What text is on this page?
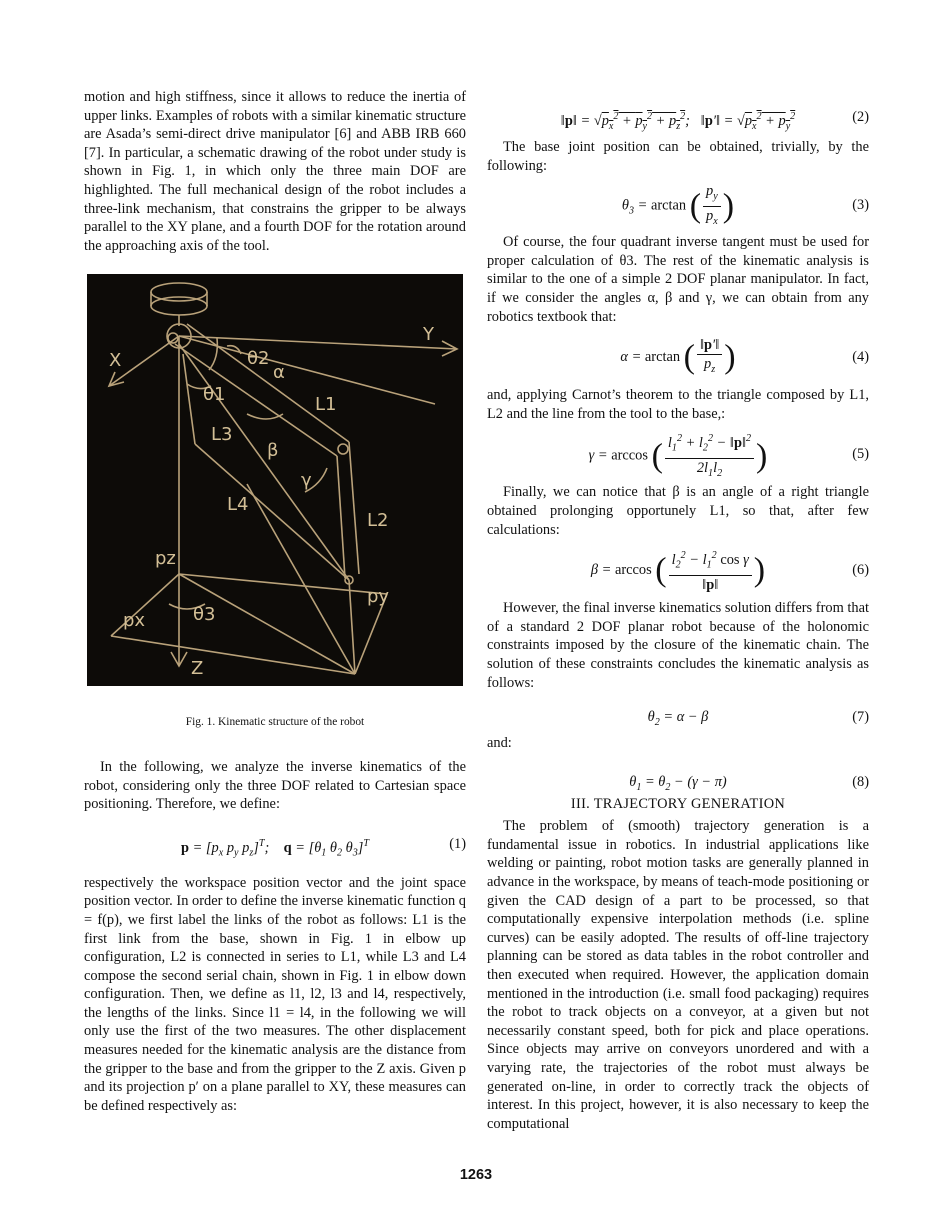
motion and high stiffness, since it allows to reduce the inertia of upper links. Examples of robots with a similar kinematic structure are Asada’s semi-direct drive manipulator [6] and ABB IRB 660 [7]. In particular, a schematic drawing of the robot under study is shown in Fig. 1, in which only the three main DOF are highlighted. The full mechanical design of the robot includes a three-link mechanism, that constrains the gripper to be always parallel to the XY plane, and a fourth DOF for the rotation around the approaching axis of the tool.

Y
X
Z
θ2
α
θ1	L1
L3
β
γ
L4
L2
pz
θ3
px
py
Fig. 1. Kinematic structure of the robot

In the following, we analyze the inverse kinematics of the robot, considering only the three DOF related to Cartesian space positioning. Therefore, we define:

$p = [p_x$ $p_y$ $p_z]^T$;    $q = [\theta_1$ $\theta_2$ $\theta_3]^T$	(1)

respectively the workspace position vector and the joint space position vector. In order to define the inverse kinematic function q = f(p), we first label the links of the robot as follows: L1 is the first link from the base, shown in Fig. 1 in elbow up configuration, L2 is connected in series to L1, while L3 and L4 compose the second serial chain, shown in Fig. 1 in elbow down configuration. Then, we define as l1, l2, l3 and l4, respectively, the lengths of the links. Since l1 = l4, in the following we will only use the first of the two measures. The other displacement measures needed for the kinematic analysis are the distance from the gripper to the base and from the gripper to the Z axis. Given p and its projection p′ on a plane parallel to XY, these measures can be defined respectively as:

‖p‖ = $√p_x^2 + p_y^2 + p_z^2$;   ‖p′‖ = $√p_x^2 + p_y^2$	(2)

The base joint position can be obtained, trivially, by the following:

$\theta_3 = \arctan$ ( $\frac{p_y}{p_x}$ )	(3)

Of course, the four quadrant inverse tangent must be used for proper calculation of θ3. The rest of the kinematic analysis is similar to the one of a simple 2 DOF planar manipulator. In fact, if we consider the angles α, β and γ, we can obtain from any robotics textbook that:

α = arctan ( $\frac{‖p'‖}{p_z}$ )	(4)

and, applying Carnot’s theorem to the triangle composed by L1, L2 and the line from the tool to the base,:

γ = arccos ( $\frac{l_1^2 + l_2^2 - ‖p‖^2}{2l_1l_2}$ )	(5)

Finally, we can notice that β is an angle of a right triangle obtained prolonging opportunely L1, so that, after few calculations:

β = arccos ( $\frac{l_2^2 - l_1^2 \cos \gamma}{‖p‖}$ )	(6)

However, the final inverse kinematics solution differs from that of a standard 2 DOF planar robot because of the holonomic constraints imposed by the closure of the kinematic chain. The solution of these constraints concludes the kinematic analysis as follows:

$\theta_2 = \alpha - \beta$	(7)

and:

$\theta_1 = \theta_2 - (\gamma - \pi)$	(8)
III. TRAJECTORY GENERATION

The problem of (smooth) trajectory generation is a fundamental issue in robotics. In industrial applications like welding or painting, robot motion tasks are generally planned in advance in the workspace, by means of teach-mode positioning or given the CAD design of a part to be processed, so that computationally expensive interpolation methods (i.e. spline curves) can be easily adopted. The results of off-line trajectory planning can be stored as data tables in the robot controller and then executed when required. However, the application domain mentioned in the introduction (i.e. small food packaging) requires the robot to track objects on a conveyor, at a given but not necessarily constant speed, both for pick and place operations. Since objects may arrive on conveyors unordered and with a varying rate, the trajectories of the robot must always be generated on-line, in order to correctly track the objects of interest. In this project, however, it is also necessary to keep the computational

1263
